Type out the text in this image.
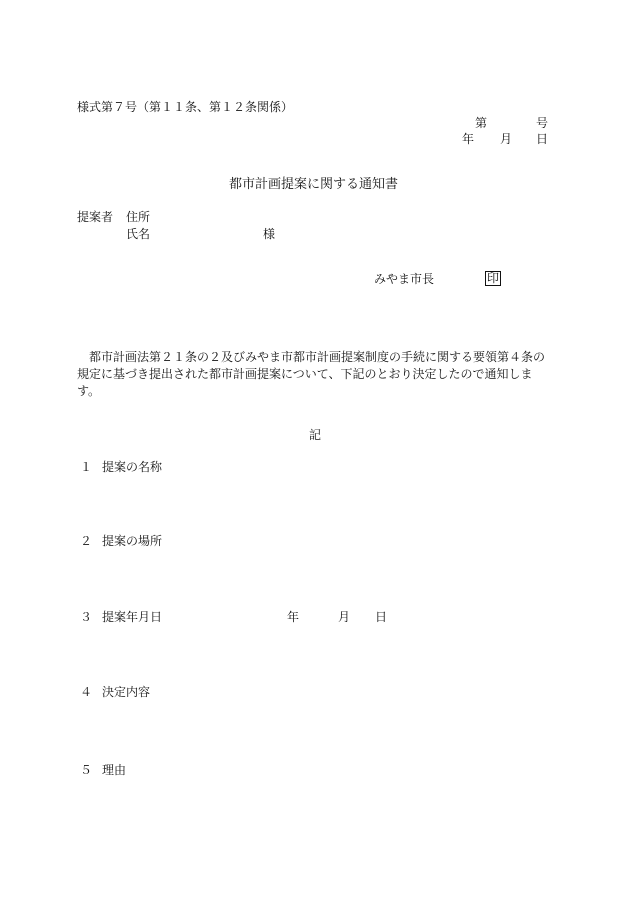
様式第７号（第１１条、第１２条関係）
第	号
年 月 日
都市計画提案に関する通知書
提案者 住所
氏名	様
みやま市長	印
都市計画法第２１条の２及びみやま市都市計画提案制度の手続に関する要領第４条の規定に基づき提出された都市計画提案について、下記のとおり決定したので通知します。
記
１ 提案の名称
２ 提案の場所
３ 提案年月日	年	月 日
４ 決定内容
５ 理由
